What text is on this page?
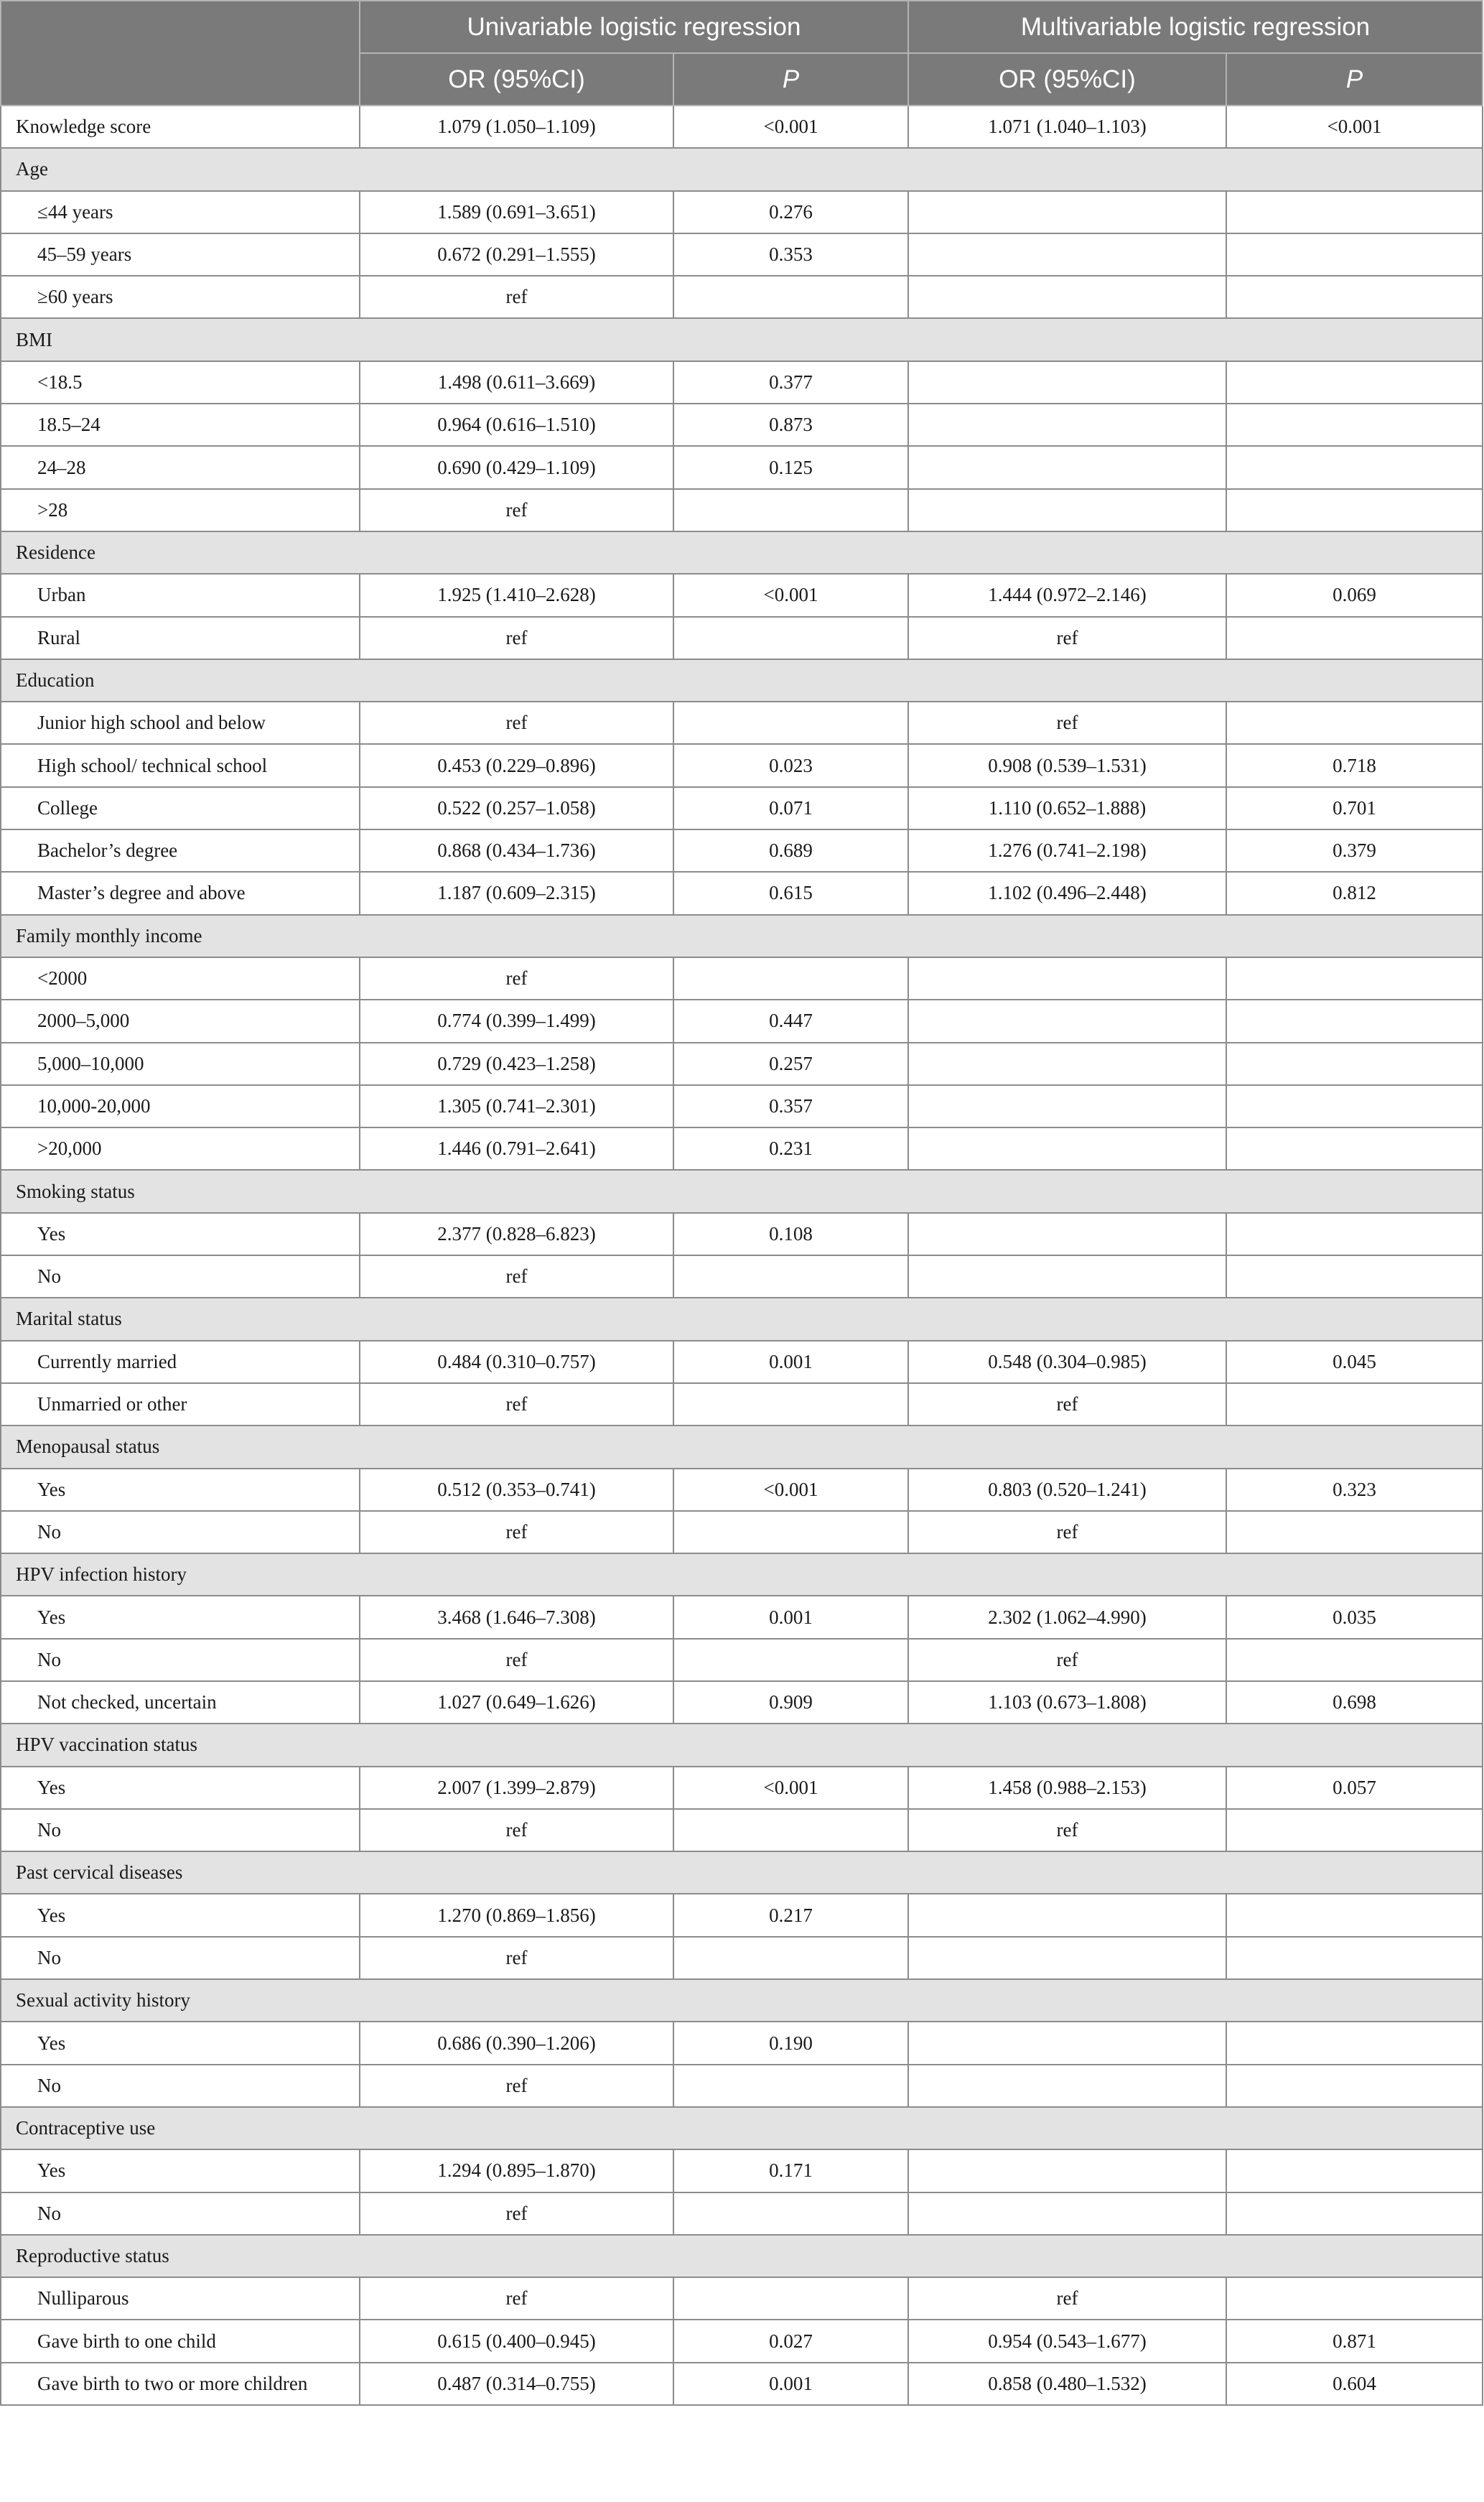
	Univariable logistic regression		Multivariable logistic regression	
	OR (95%CI)	P	OR (95%CI)	P
Knowledge score	1.079 (1.050–1.109)	<0.001	1.071 (1.040–1.103)	<0.001
Age				
≤44 years	1.589 (0.691–3.651)	0.276		
45–59 years	0.672 (0.291–1.555)	0.353		
≥60 years	ref			
BMI				
<18.5	1.498 (0.611–3.669)	0.377		
18.5–24	0.964 (0.616–1.510)	0.873		
24–28	0.690 (0.429–1.109)	0.125		
>28	ref			
Residence				
Urban	1.925 (1.410–2.628)	<0.001	1.444 (0.972–2.146)	0.069
Rural	ref		ref	
Education				
Junior high school and below	ref		ref	
High school/ technical school	0.453 (0.229–0.896)	0.023	0.908 (0.539–1.531)	0.718
College	0.522 (0.257–1.058)	0.071	1.110 (0.652–1.888)	0.701
Bachelor’s degree	0.868 (0.434–1.736)	0.689	1.276 (0.741–2.198)	0.379
Master’s degree and above	1.187 (0.609–2.315)	0.615	1.102 (0.496–2.448)	0.812
Family monthly income				
<2000	ref			
2000–5,000	0.774 (0.399–1.499)	0.447		
5,000–10,000	0.729 (0.423–1.258)	0.257		
10,000-20,000	1.305 (0.741–2.301)	0.357		
>20,000	1.446 (0.791–2.641)	0.231		
Smoking status				
Yes	2.377 (0.828–6.823)	0.108		
No	ref			
Marital status				
Currently married	0.484 (0.310–0.757)	0.001	0.548 (0.304–0.985)	0.045
Unmarried or other	ref		ref	
Menopausal status				
Yes	0.512 (0.353–0.741)	<0.001	0.803 (0.520–1.241)	0.323
No	ref		ref	
HPV infection history				
Yes	3.468 (1.646–7.308)	0.001	2.302 (1.062–4.990)	0.035
No	ref		ref	
Not checked, uncertain	1.027 (0.649–1.626)	0.909	1.103 (0.673–1.808)	0.698
HPV vaccination status				
Yes	2.007 (1.399–2.879)	<0.001	1.458 (0.988–2.153)	0.057
No	ref		ref	
Past cervical diseases				
Yes	1.270 (0.869–1.856)	0.217		
No	ref			
Sexual activity history				
Yes	0.686 (0.390–1.206)	0.190		
No	ref			
Contraceptive use				
Yes	1.294 (0.895–1.870)	0.171		
No	ref			
Reproductive status				
Nulliparous	ref		ref	
Gave birth to one child	0.615 (0.400–0.945)	0.027	0.954 (0.543–1.677)	0.871
Gave birth to two or more children	0.487 (0.314–0.755)	0.001	0.858 (0.480–1.532)	0.604
